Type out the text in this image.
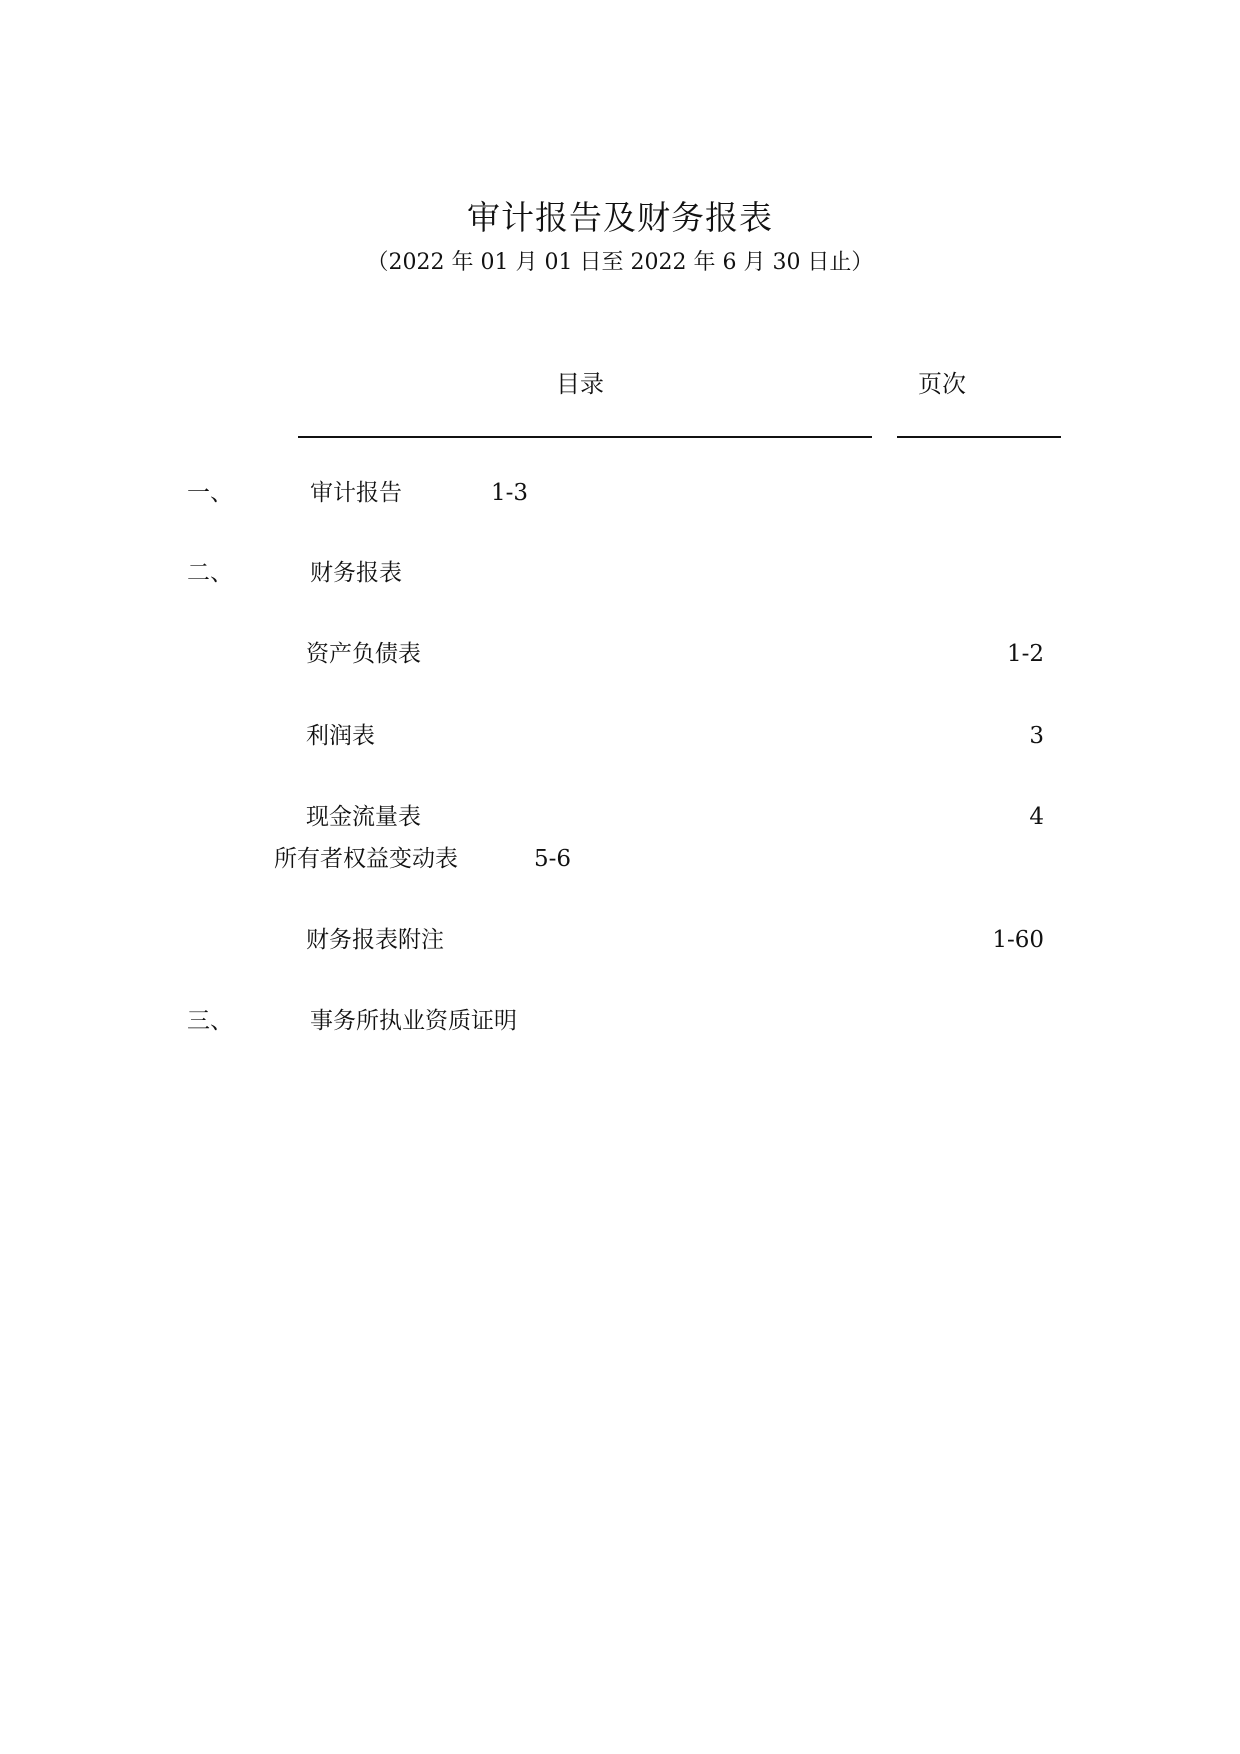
审计报告及财务报表
（2022 年 01 月 01 日至 2022 年 6 月 30 日止）
目录	页次
一、	审计报告	1-3
二、	财务报表
资产负债表	1-2
利润表	3
现金流量表	4
所有者权益变动表	5-6
财务报表附注	1-60
三、	事务所执业资质证明
